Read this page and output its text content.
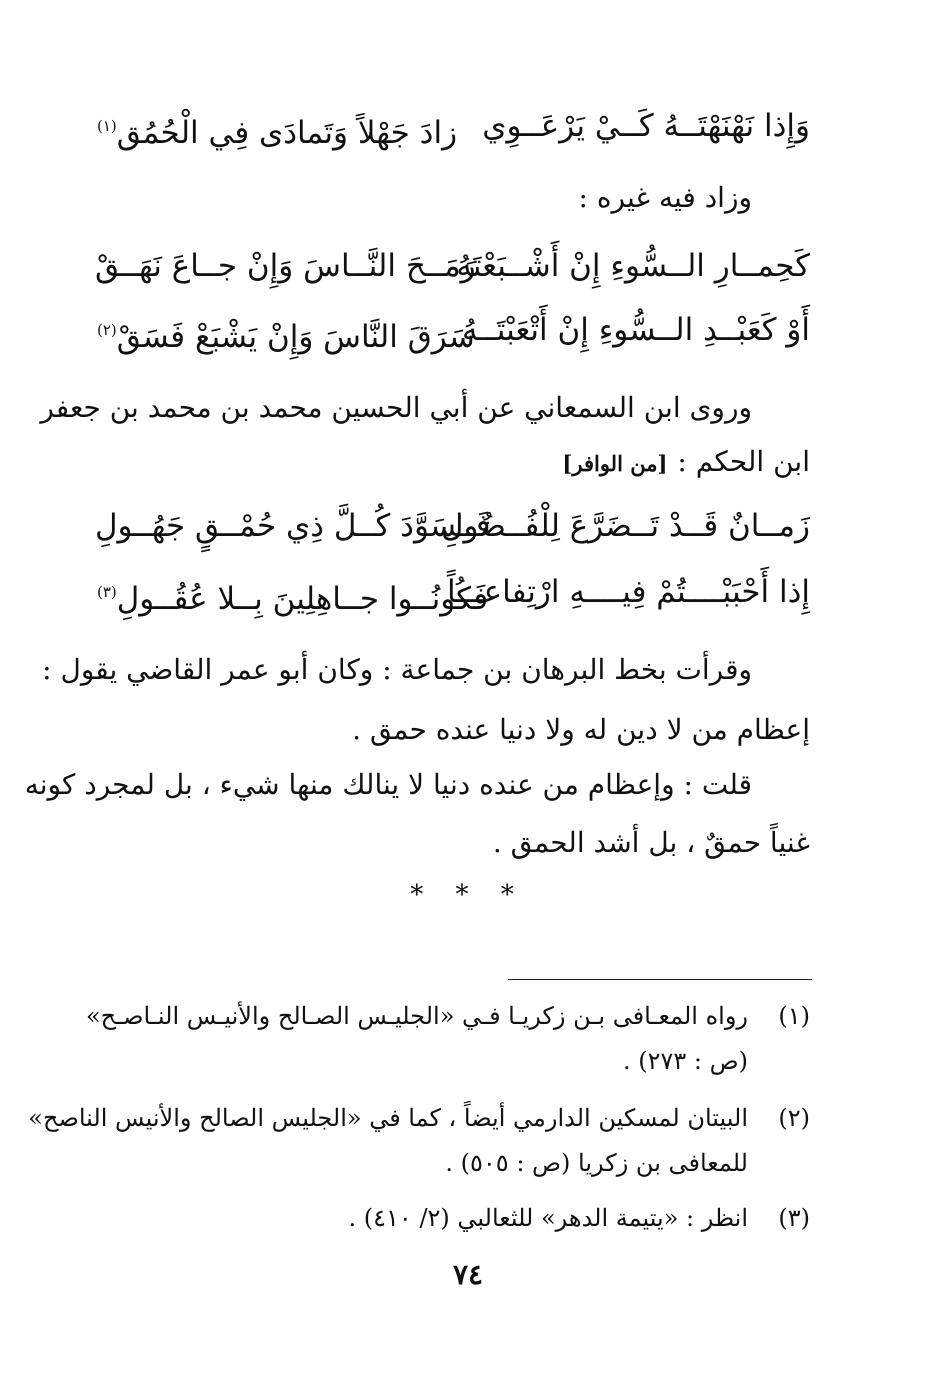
وَإِذا نَهْنَهْتَــهُ كَــيْ يَرْعَــوِي
زادَ جَهْلاً وَتَمادَى فِي الْحُمُق$^{(١)}$
وزاد فيه غيره :
كَحِمــارِ الــسُّوءِ إِنْ أَشْــبَعْتَهُ
رَمَــحَ النَّــاسَ وَإِنْ جــاعَ نَهَــقْ
أَوْ كَعَبْــدِ الــسُّوءِ إِنْ أَتْعَبْتَــهُ
سَرَقَ النَّاسَ وَإِنْ يَشْبَعْ فَسَقْ$^{(٢)}$
وروى ابن السمعاني عن أبي الحسين محمد بن محمد بن جعفر
ابن الحكم :[من الوافر]
زَمــانٌ قَــدْ تَــضَرَّعَ لِلْفُــضُولِ
فَــسَوَّدَ كُــلَّ ذِي حُمْــقٍ جَهُــولِ
إِذا أَحْبَبْــــتُمْ فِيــــهِ ارْتِفاعـــاً
فَكُونُــوا جــاهِلِينَ بِــلا عُقُــولِ$^{(٣)}$
وقرأت بخط البرهان بن جماعة : وكان أبو عمر القاضي يقول :
إعظام من لا دين له ولا دنيا عنده حمق .
قلت : وإعظام من عنده دنيا لا ينالك منها شيء ، بل لمجرد كونه
غنياً حمقٌ ، بل أشد الحمق .
* * *
(١)
رواه المعـافى بـن زكريـا فـي «الجليـس الصـالح والأنيـس النـاصـح»
(ص : ٢٧٣) .
(٢)
البيتان لمسكين الدارمي أيضاً ، كما في «الجليس الصالح والأنيس الناصح»
للمعافى بن زكريا (ص : ٥٠٥) .
(٣)
انظر : «يتيمة الدهر» للثعالبي (٢/ ٤١٠) .
٧٤
